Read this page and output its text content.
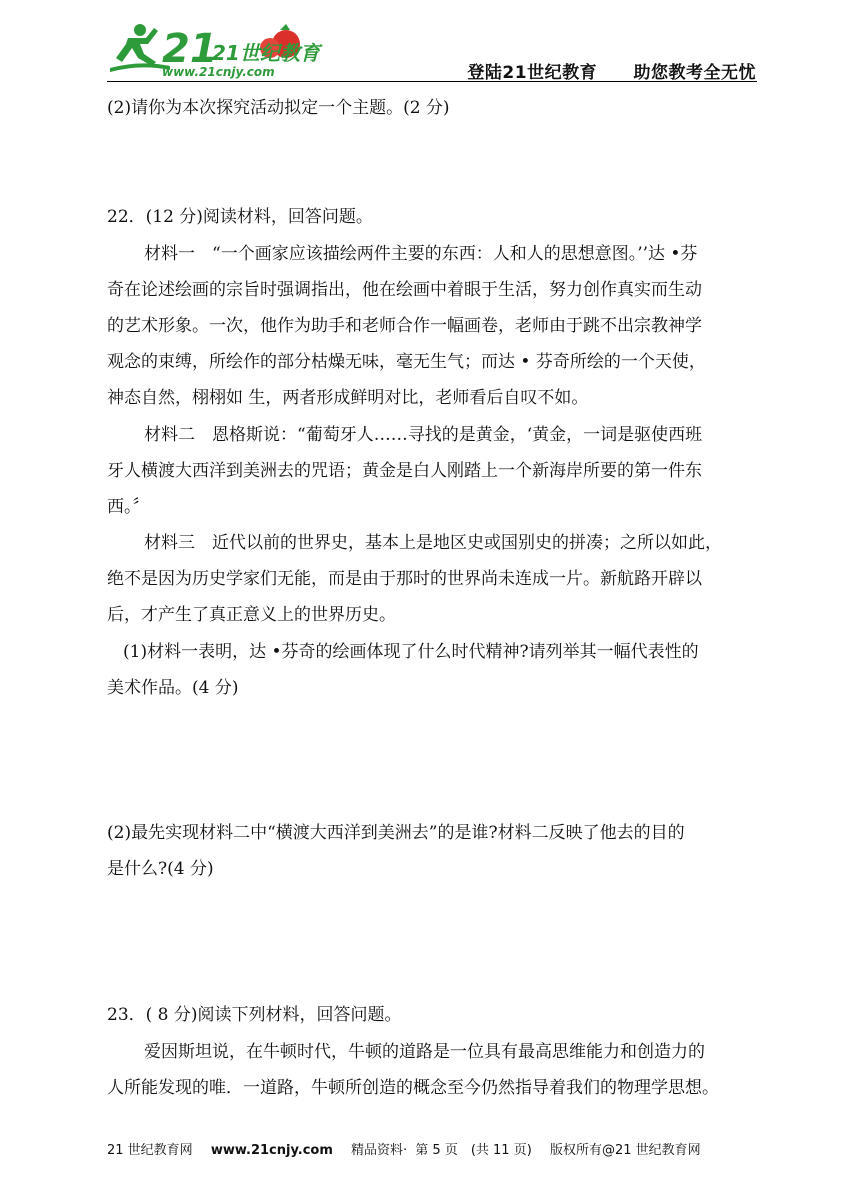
21
21世纪教育
www.21cnjy.com	登陆21世纪教育 助您教考全无忧
(2)请你为本次探究活动拟定一个主题。(2 分)
22．(12 分)阅读材料，回答问题。
材料一　“一个画家应该描绘两件主要的东西：人和人的思想意图。’’达 •芬
奇在论述绘画的宗旨时强调指出，他在绘画中着眼于生活，努力创作真实而生动
的艺术形象。一次，他作为助手和老师合作一幅画卷，老师由于跳不出宗教神学
观念的束缚，所绘作的部分枯燥无味，毫无生气；而达 • 芬奇所绘的一个天使，
神态自然，栩栩如 生，两者形成鲜明对比，老师看后自叹不如。
材料二　恩格斯说：“葡萄牙人……寻找的是黄金，‘黄金，一词是驱使西班
牙人横渡大西洋到美洲去的咒语；黄金是白人刚踏上一个新海岸所要的第一件东
西。〞
材料三　近代以前的世界史，基本上是地区史或国别史的拼凑；之所以如此，
绝不是因为历史学家们无能，而是由于那时的世界尚未连成一片。新航路开辟以
后，才产生了真正意义上的世界历史。
(1)材料一表明，达 •芬奇的绘画体现了什么时代精神?请列举其一幅代表性的
美术作品。(4 分)
(2)最先实现材料二中“横渡大西洋到美洲去”的是谁?材料二反映了他去的目的
是什么?(4 分)
23．( 8 分)阅读下列材料，回答问题。
爱因斯坦说，在牛顿时代，牛顿的道路是一位具有最高思维能力和创造力的
人所能发现的唯．一道路，牛顿所创造的概念至今仍然指导着我们的物理学思想。
21 世纪教育网 www.21cnjy.com 精品资料· 第 5 页　(共 11 页) 版权所有@21 世纪教育网
